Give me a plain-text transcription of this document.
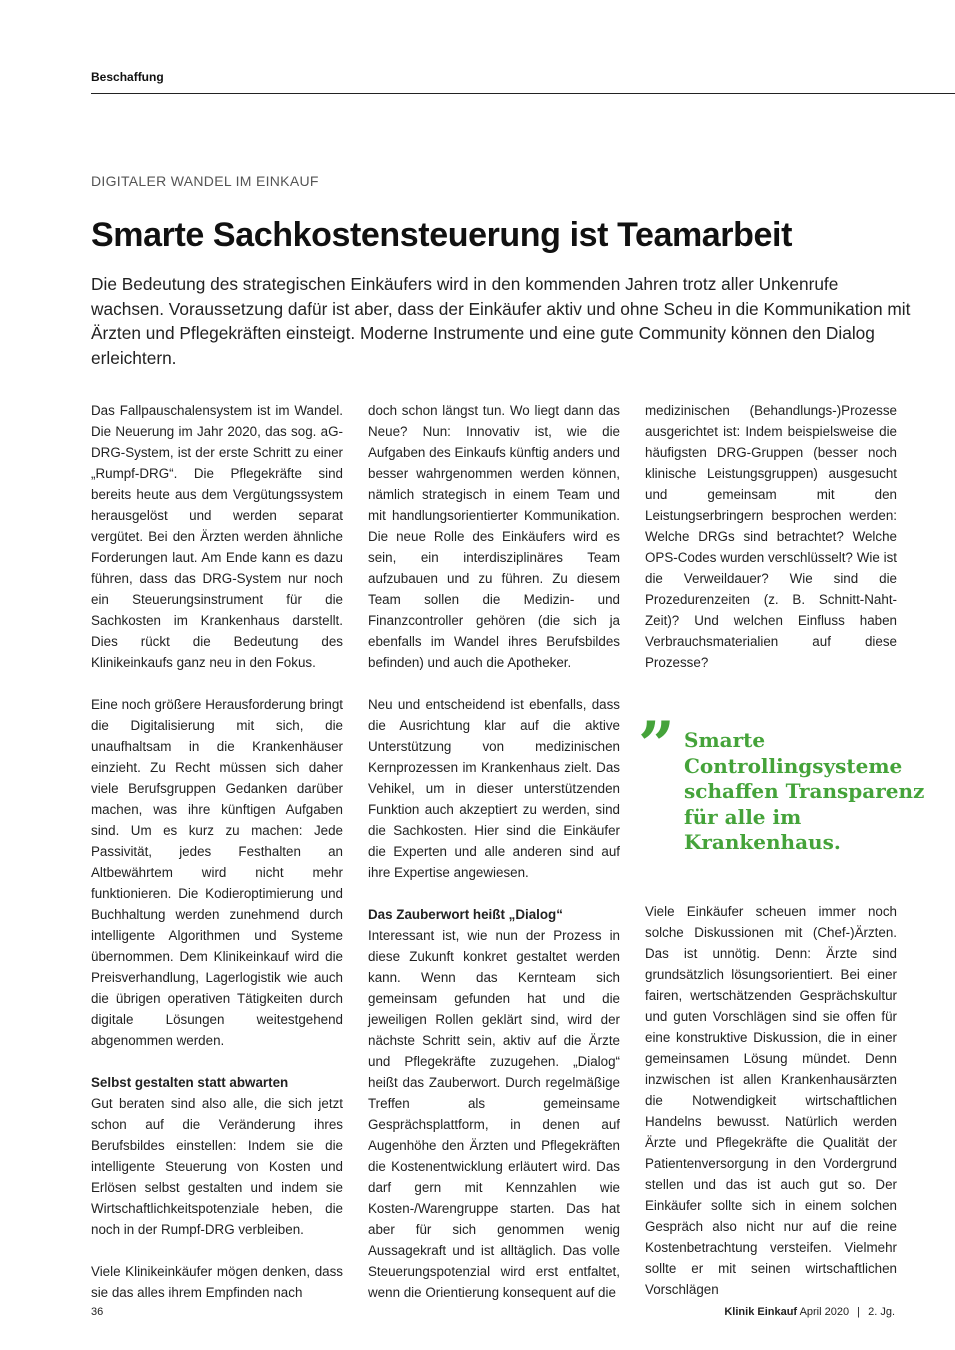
Beschaffung
DIGITALER WANDEL IM EINKAUF
Smarte Sachkostensteuerung ist Teamarbeit

Die Bedeutung des strategischen Einkäufers wird in den kommenden Jahren trotz aller Unkenrufe wachsen. Voraussetzung dafür ist aber, dass der Einkäufer aktiv und ohne Scheu in die Kommunikation mit Ärzten und Pflegekräften einsteigt. Moderne Instrumente und eine gute Community können den Dialog erleichtern.

Das Fallpauschalensystem ist im Wandel. Die Neuerung im Jahr 2020, das sog. aG-DRG-System, ist der erste Schritt zu einer „Rumpf-DRG“. Die Pflegekräfte sind bereits heute aus dem Vergütungssystem herausgelöst und werden separat vergütet. Bei den Ärzten werden ähnliche Forderungen laut. Am Ende kann es dazu führen, dass das DRG-System nur noch ein Steuerungsinstrument für die Sachkosten im Krankenhaus darstellt. Dies rückt die Bedeutung des Klinikeinkaufs ganz neu in den Fokus.

Eine noch größere Herausforderung bringt die Digitalisierung mit sich, die unaufhaltsam in die Krankenhäuser einzieht. Zu Recht müssen sich daher viele Berufsgruppen Gedanken darüber machen, was ihre künftigen Aufgaben sind. Um es kurz zu machen: Jede Passivität, jedes Festhalten an Altbewährtem wird nicht mehr funktionieren. Die Kodieroptimierung und Buchhaltung werden zunehmend durch intelligente Algorithmen und Systeme übernommen. Dem Klinikeinkauf wird die Preisverhandlung, Lagerlogistik wie auch die übrigen operativen Tätigkeiten durch digitale Lösungen weitestgehend abgenommen werden.

Selbst gestalten statt abwarten

Gut beraten sind also alle, die sich jetzt schon auf die Veränderung ihres Berufsbildes einstellen: Indem sie die intelligente Steuerung von Kosten und Erlösen selbst gestalten und indem sie Wirtschaftlichkeitspotenziale heben, die noch in der Rumpf-DRG verbleiben.

Viele Klinikeinkäufer mögen denken, dass sie das alles ihrem Empfinden nach

doch schon längst tun. Wo liegt dann das Neue? Nun: Innovativ ist, wie die Aufgaben des Einkaufs künftig anders und besser wahrgenommen werden können, nämlich strategisch in einem Team und mit handlungsorientierter Kommunikation. Die neue Rolle des Einkäufers wird es sein, ein interdisziplinäres Team aufzubauen und zu führen. Zu diesem Team sollen die Medizin- und Finanzcontroller gehören (die sich ja ebenfalls im Wandel ihres Berufsbildes befinden) und auch die Apotheker.

Neu und entscheidend ist ebenfalls, dass die Ausrichtung klar auf die aktive Unterstützung von medizinischen Kernprozessen im Krankenhaus zielt. Das Vehikel, um in dieser unterstützenden Funktion auch akzeptiert zu werden, sind die Sachkosten. Hier sind die Einkäufer die Experten und alle anderen sind auf ihre Expertise angewiesen.

Das Zauberwort heißt „Dialog“

Interessant ist, wie nun der Prozess in diese Zukunft konkret gestaltet werden kann. Wenn das Kernteam sich gemeinsam gefunden hat und die jeweiligen Rollen geklärt sind, wird der nächste Schritt sein, aktiv auf die Ärzte und Pflegekräfte zuzugehen. „Dialog“ heißt das Zauberwort. Durch regelmäßige Treffen als gemeinsame Gesprächsplattform, in denen auf Augenhöhe den Ärzten und Pflegekräften die Kostenentwicklung erläutert wird. Das darf gern mit Kennzahlen wie Kosten-/Warengruppe starten. Das hat aber für sich genommen wenig Aussagekraft und ist alltäglich. Das volle Steuerungspotenzial wird erst entfaltet, wenn die Orientierung konsequent auf die

medizinischen (Behandlungs-)Prozesse ausgerichtet ist: Indem beispielsweise die häufigsten DRG-Gruppen (besser noch klinische Leistungsgruppen) ausgesucht und gemeinsam mit den Leistungserbringern besprochen werden: Welche DRGs sind betrachtet? Welche OPS-Codes wurden verschlüsselt? Wie ist die Verweildauer? Wie sind die Prozedurenzeiten (z. B. Schnitt-Naht-Zeit)? Und welchen Einfluss haben Verbrauchsmaterialien auf diese Prozesse?

” Smarte Controllingsysteme schaffen Transparenz für alle im Krankenhaus.

Viele Einkäufer scheuen immer noch solche Diskussionen mit (Chef-)Ärzten. Das ist unnötig. Denn: Ärzte sind grundsätzlich lösungsorientiert. Bei einer fairen, wertschätzenden Gesprächskultur und guten Vorschlägen sind sie offen für eine konstruktive Diskussion, die in einer gemeinsamen Lösung mündet. Denn inzwischen ist allen Krankenhausärzten die Notwendigkeit wirtschaftlichen Handelns bewusst. Natürlich werden Ärzte und Pflegekräfte die Qualität der Patientenversorgung in den Vordergrund stellen und das ist auch gut so. Der Einkäufer sollte sich in einem solchen Gespräch also nicht nur auf die reine Kostenbetrachtung versteifen. Vielmehr sollte er mit seinen wirtschaftlichen Vorschlägen

36	Klinik Einkauf April 2020 | 2. Jg.
